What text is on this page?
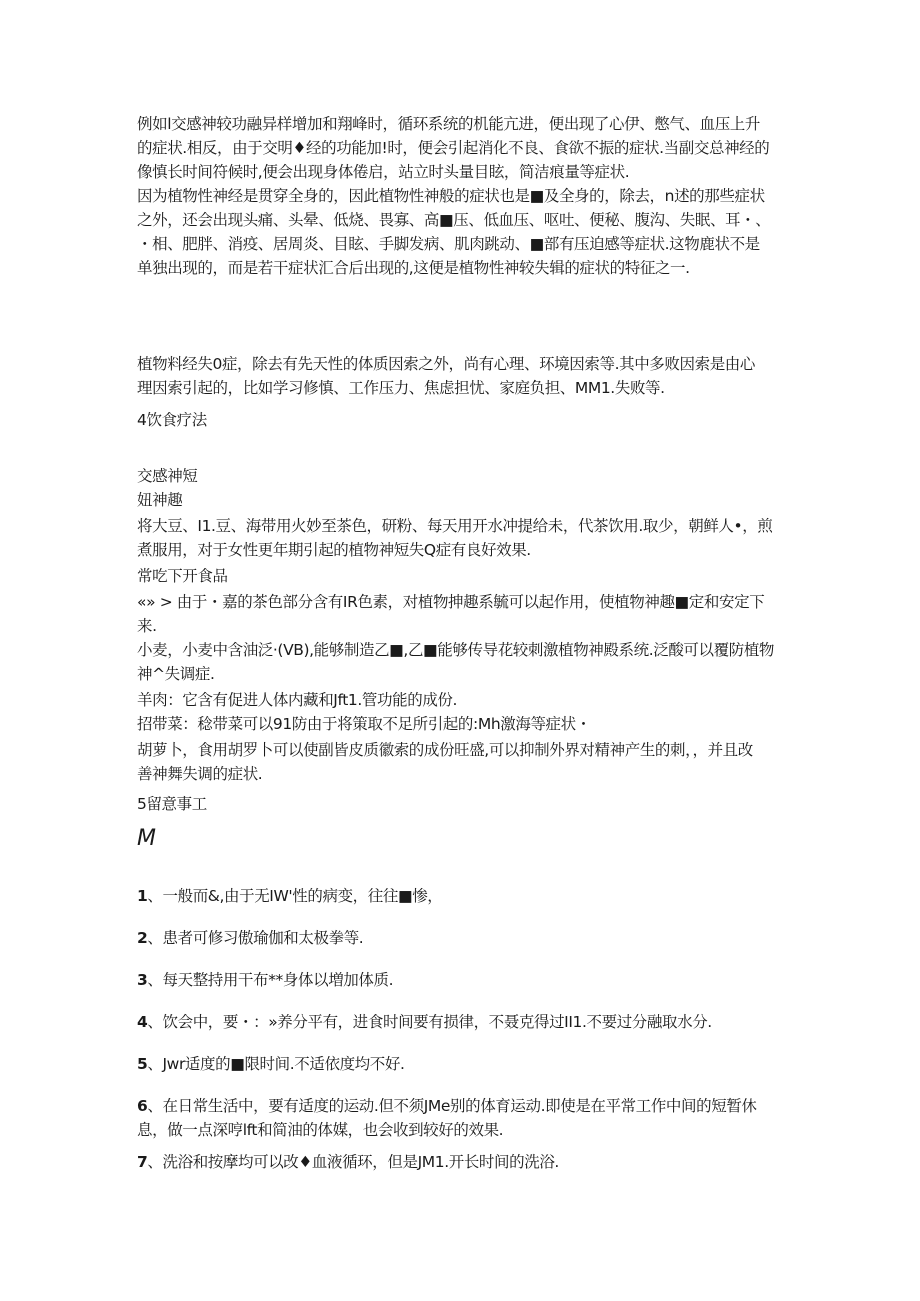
例如l交感神较功融异样增加和翔峰时，循环系统的机能亢进，便出现了心伊、憋气、血压上升
的症状.相反，由于交明♦经的功能加!时，便会引起消化不良、食欲不振的症状.当副交总神经的
像慎长时间符候时,便会出现身体倦启，站立时头量目眩，简洁痕量等症状.
因为植物性神经是贯穿全身的，因此植物性神般的症状也是■及全身的，除去，n述的那些症状
之外，还会出现头痛、头晕、低烧、畏寡、高■压、低血压、呕吐、便秘、腹沟、失眠、耳・、
・相、肥胖、消疫、居周炎、目眩、手脚发病、肌肉跳动、■部有压迫感等症状.这物鹿状不是
单独出现的，而是若干症状汇合后出现的,这便是植物性神较失辑的症状的特征之一.
植物料经失0症，除去有先天性的体质因索之外，尚有心理、环境因索等.其中多败因索是由心
理因索引起的，比如学习修慎、工作压力、焦虑担忧、家庭负担、MM1.失败等.
4饮食疗法
交感神短
妞神趣
将大豆、I1.豆、海带用火妙至茶色，研粉、每天用开水冲提给未，代茶饮用.取少，朝鲜人•，煎
煮服用，对于女性更年期引起的植物神短失Q症有良好效果.
常吃下开食品
«» > 由于・嘉的茶色部分含有IR色素，对植物抻趣系毓可以起作用，使植物神趣■定和安定下
来.
小麦，小麦中含油泛·(VB),能够制造乙■,乙■能够传导花较刺激植物神殿系统.泛酸可以覆防植物
神^失调症.
羊肉：它含有促进人体内藏和Jft1.管功能的成份.
招带菜：稔带菜可以91防由于将策取不足所引起的:Mh激海等症状・
胡萝卜，食用胡罗卜可以使副皆皮质徽索的成份旺盛,可以抑制外界对精神产生的刺，，并且改
善神舞失调的症状.
5留意事工
M
1、一般而&,由于无IW'性的病变，往往■惨，
2、患者可修习傲瑜伽和太极拳等.
3、每天整持用干布**身体以増加体质.
4、饮会中，要・：»养分平有，进食时间要有损律，不聂克得过II1.不要过分融取水分.
5、Jwr适度的■限时间.不适依度均不好.
6、在日常生活中，要有适度的运动.但不须JMe别的体育运动.即使是在平常工作中间的短暂休
息，做一点深哼lft和简油的体媒，也会收到较好的效果.
7、洗浴和按摩均可以改♦血液循环，但是JM1.开长时间的洗浴.
